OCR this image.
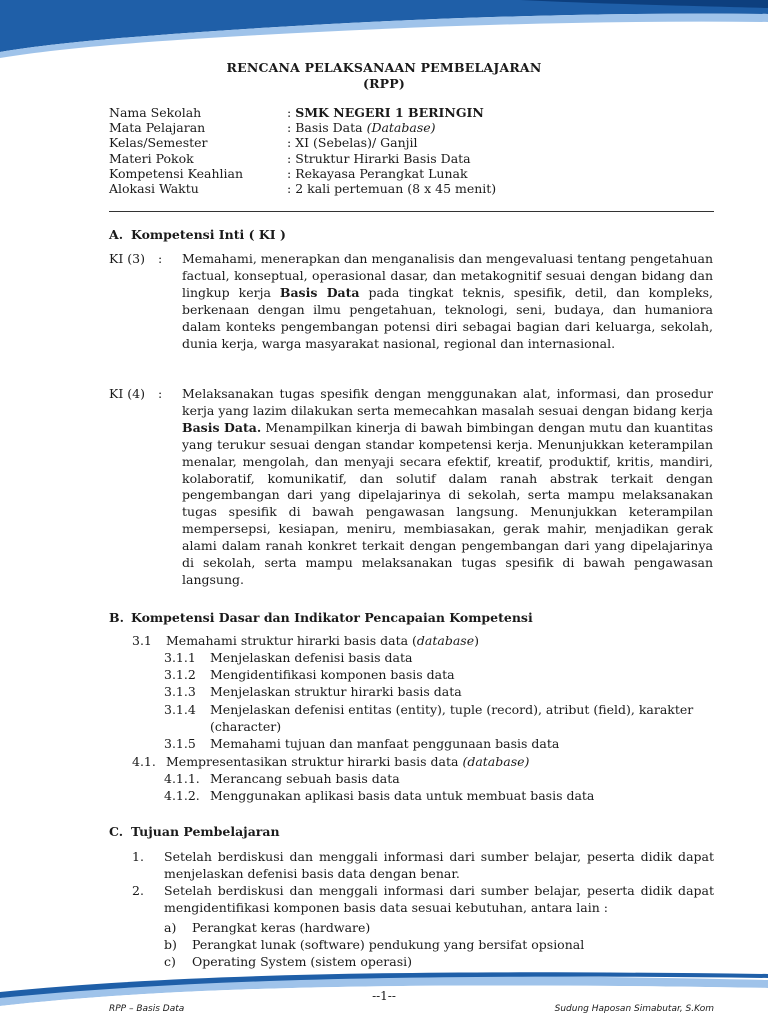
RENCANA PELAKSANAAN PEMBELAJARAN
(RPP)
Nama Sekolah	: SMK NEGERI 1 BERINGIN
Mata Pelajaran	: Basis Data
(Database)
Kelas/Semester	: XI (Sebelas)/ Ganjil
Materi Pokok	: Struktur Hirarki Basis Data
Kompetensi Keahlian	: Rekayasa Perangkat Lunak
Alokasi Waktu	: 2 kali pertemuan (8 x 45 menit)
A. Kompetensi Inti ( KI )
KI (3) : Memahami, menerapkan dan menganalisis dan mengevaluasi tentang pengetahuan factual, konseptual, operasional dasar, dan metakognitif sesuai dengan bidang dan lingkup kerja Basis Data pada tingkat teknis, spesifik, detil, dan kompleks, berkenaan dengan ilmu pengetahuan, teknologi, seni, budaya, dan humaniora dalam konteks pengembangan potensi diri sebagai bagian dari keluarga, sekolah, dunia kerja, warga masyarakat nasional, regional dan internasional.
KI (4) : Melaksanakan tugas spesifik dengan menggunakan alat, informasi, dan prosedur kerja yang lazim dilakukan serta memecahkan masalah sesuai dengan bidang kerja Basis Data. Menampilkan kinerja di bawah bimbingan dengan mutu dan kuantitas yang terukur sesuai dengan standar kompetensi kerja. Menunjukkan keterampilan menalar, mengolah, dan menyaji secara efektif, kreatif, produktif, kritis, mandiri, kolaboratif, komunikatif, dan solutif dalam ranah abstrak terkait dengan pengembangan dari yang dipelajarinya di sekolah, serta mampu melaksanakan tugas spesifik di bawah pengawasan langsung. Menunjukkan keterampilan mempersepsi, kesiapan, meniru, membiasakan, gerak mahir, menjadikan gerak alami dalam ranah konkret terkait dengan pengembangan dari yang dipelajarinya di sekolah, serta mampu melaksanakan tugas spesifik di bawah pengawasan langsung.
B. Kompetensi Dasar dan Indikator Pencapaian Kompetensi
3.1	Memahami struktur hirarki basis data ( database )
3.1.1	Menjelaskan defenisi basis data
3.1.2	Mengidentifikasi komponen basis data
3.1.3	Menjelaskan struktur hirarki basis data
3.1.4	Menjelaskan defenisi entitas (entity), tuple (record), atribut (field), karakter
(character)
3.1.5	Memahami tujuan dan manfaat penggunaan basis data
4.1. Mempresentasikan struktur hirarki basis data (database)
4.1.1. Merancang sebuah basis data
4.1.2. Menggunakan aplikasi basis data untuk membuat basis data
C. Tujuan Pembelajaran
1.	Setelah berdiskusi dan menggali informasi dari sumber belajar, peserta didik dapat menjelaskan defenisi basis data dengan benar.
2.	Setelah berdiskusi dan menggali informasi dari sumber belajar, peserta didik dapat mengidentifikasi komponen basis data sesuai kebutuhan, antara lain :
a)	Perangkat keras (hardware)
b)	Perangkat lunak (software) pendukung yang bersifat opsional
c)	Operating System (sistem operasi)
--1--
RPP – Basis Data	Sudung Haposan Simabutar, S.Kom
